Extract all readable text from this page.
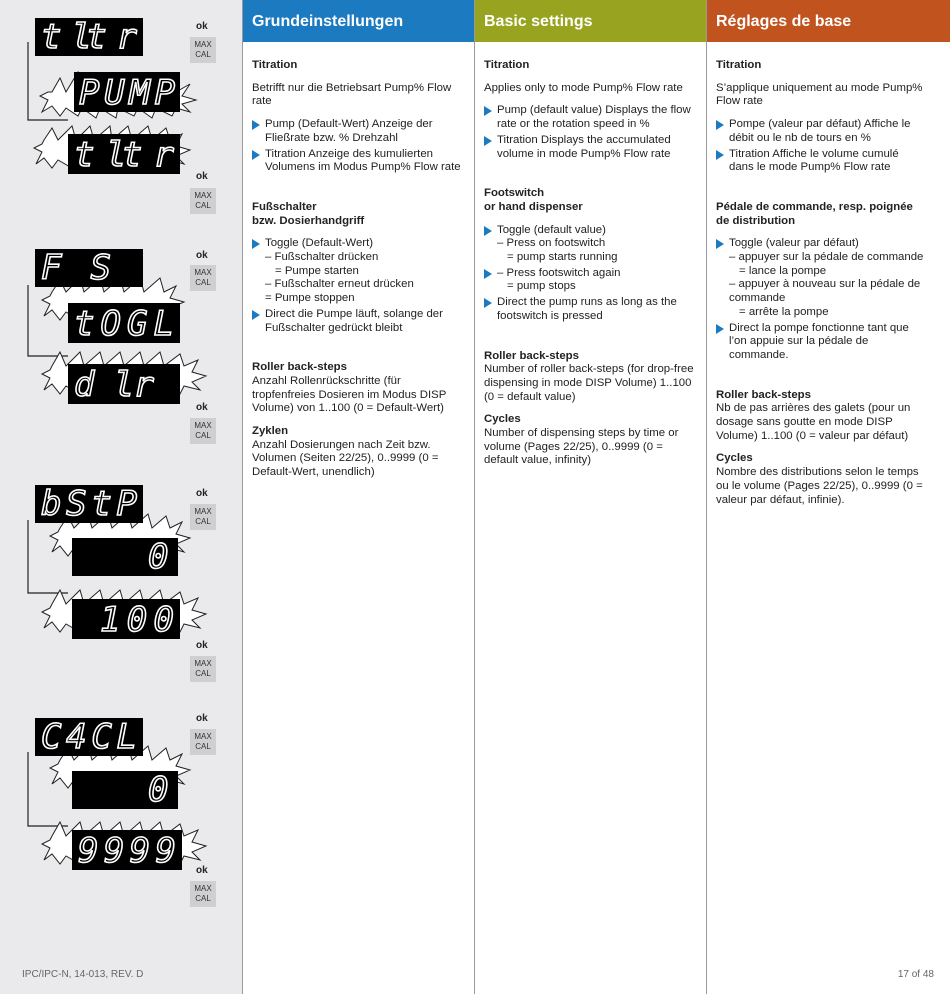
t lt r
PUMP
t lt r
ok
MAX
CAL
ok
MAX
CAL
FS
tOGL
d lr
ok
MAX
CAL
ok
MAX
CAL
bStP
0
100
ok
MAX
CAL
ok
MAX
CAL
C4CL
0
9999
ok
MAX
CAL
ok
MAX
CAL
IPC/IPC-N, 14-013, REV. D
Grundeinstellungen

Titration

Betrifft nur die Betriebsart Pump% Flow rate

Pump (Default-Wert) Anzeige der Fließrate bzw. % Drehzahl
Titration Anzeige des kumulierten Volumens im Modus Pump% Flow rate

Fußschalter
bzw. Dosierhandgriff

Toggle (Default-Wert)
– Fußschalter drücken
= Pumpe starten
– Fußschalter erneut drücken
= Pumpe stoppen
Direct die Pumpe läuft, solange der Fußschalter gedrückt bleibt

Roller back-steps

Anzahl Rollenrückschritte (für tropfenfreies Dosieren im Modus DISP Volume) von 1..100 (0 = Default-Wert)

Zyklen

Anzahl Dosierungen nach Zeit bzw. Volumen (Seiten 22/25), 0..9999 (0 = Default-Wert, unendlich)

Basic settings

Titration

Applies only to mode Pump% Flow rate

Pump (default value) Displays the flow rate or the rotation speed in %
Titration Displays the accumulated volume in mode Pump% Flow rate

Footswitch
or hand dispenser

Toggle (default value)
– Press on footswitch
= pump starts running
– Press footswitch again
= pump stops
Direct the pump runs as long as the footswitch is pressed

Roller back-steps

Number of roller back-steps (for drop-free dispensing in mode DISP Volume) 1..100 (0 = default value)

Cycles

Number of dispensing steps by time or volume (Pages 22/25), 0..9999 (0 = default value, infinity)

Réglages de base

Titration

S’applique uniquement au mode Pump% Flow rate

Pompe (valeur par défaut) Affiche le débit ou le nb de tours en %
Titration Affiche le volume cumulé dans le mode Pump% Flow rate

Pédale de commande, resp. poignée
de distribution

Toggle (valeur par défaut)
– appuyer sur la pédale de commande
= lance la pompe
– appuyer à nouveau sur la pédale de commande
= arrête la pompe
Direct la pompe fonctionne tant que l’on appuie sur la pédale de commande.

Roller back-steps

Nb de pas arrières des galets (pour un dosage sans goutte en mode DISP Volume) 1..100 (0 = valeur par défaut)

Cycles

Nombre des distributions selon le temps ou le volume (Pages 22/25), 0..9999 (0 = valeur par défaut, infinie).

17 of 48
